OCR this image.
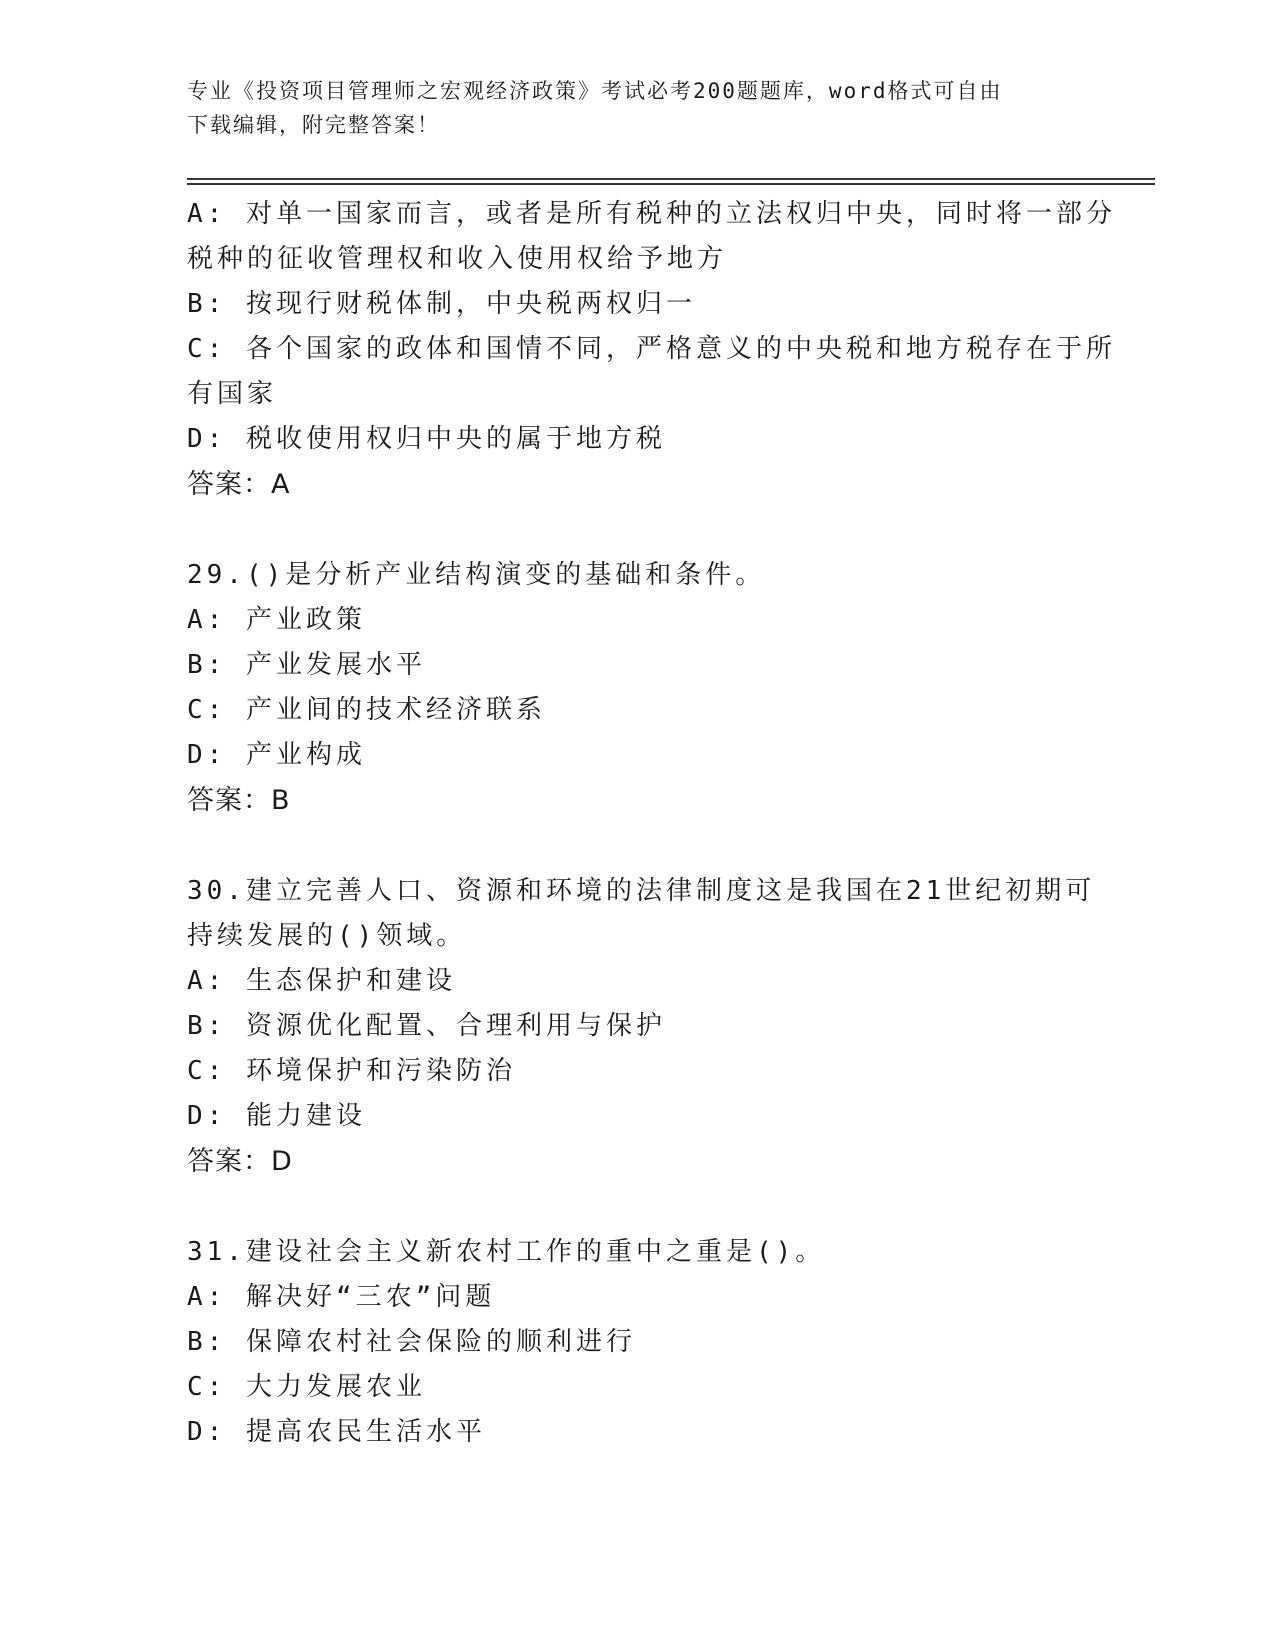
专业《投资项目管理师之宏观经济政策》考试必考200题题库，word格式可自由
下载编辑，附完整答案！
A: 对单一国家而言，或者是所有税种的立法权归中央，同时将一部分
税种的征收管理权和收入使用权给予地方
B: 按现行财税体制，中央税两权归一
C: 各个国家的政体和国情不同，严格意义的中央税和地方税存在于所
有国家
D: 税收使用权归中央的属于地方税
答案：A
29.()是分析产业结构演变的基础和条件。
A: 产业政策
B: 产业发展水平
C: 产业间的技术经济联系
D: 产业构成
答案：B
30.建立完善人口、资源和环境的法律制度这是我国在21世纪初期可
持续发展的()领域。
A: 生态保护和建设
B: 资源优化配置、合理利用与保护
C: 环境保护和污染防治
D: 能力建设
答案：D
31.建设社会主义新农村工作的重中之重是()。
A: 解决好“三农”问题
B: 保障农村社会保险的顺利进行
C: 大力发展农业
D: 提高农民生活水平
